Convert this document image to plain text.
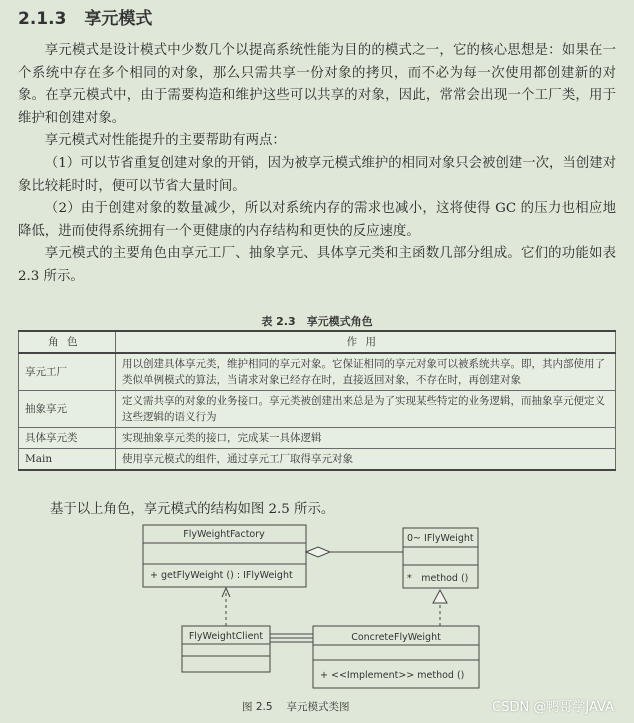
2.1.3 享元模式

享元模式是设计模式中少数几个以提高系统性能为目的的模式之一，它的核心思想是：如果在一个系统中存在多个相同的对象，那么只需共享一份对象的拷贝，而不必为每一次使用都创建新的对象。在享元模式中，由于需要构造和维护这些可以共享的对象，因此，常常会出现一个工厂类，用于维护和创建对象。

享元模式对性能提升的主要帮助有两点：

（1）可以节省重复创建对象的开销，因为被享元模式维护的相同对象只会被创建一次，当创建对象比较耗时时，便可以节省大量时间。

（2）由于创建对象的数量减少，所以对系统内存的需求也减小，这将使得 GC 的压力也相应地降低，进而使得系统拥有一个更健康的内存结构和更快的反应速度。

享元模式的主要角色由享元工厂、抽象享元、具体享元类和主函数几部分组成。它们的功能如表 2.3 所示。

表 2.3　享元模式角色
角色	作用
享元工厂	用以创建具体享元类，维护相同的享元对象。它保证相同的享元对象可以被系统共享。即，其内部使用了类似单例模式的算法，当请求对象已经存在时，直接返回对象，不存在时，再创建对象
抽象享元	定义需共享的对象的业务接口。享元类被创建出来总是为了实现某些特定的业务逻辑，而抽象享元便定义这些逻辑的语义行为
具体享元类	实现抽象享元类的接口，完成某一具体逻辑
Main	使用享元模式的组件，通过享元工厂取得享元对象
基于以上角色，享元模式的结构如图 2.5 所示。
FlyWeightFactory
+ getFlyWeight () : IFlyWeight
0~ IFlyWeight
*　method ()
FlyWeightClient	ConcreteFlyWeight
+ <<Implement>> method ()
图 2.5 享元模式类图	CSDN @鸭哥学JAVA
